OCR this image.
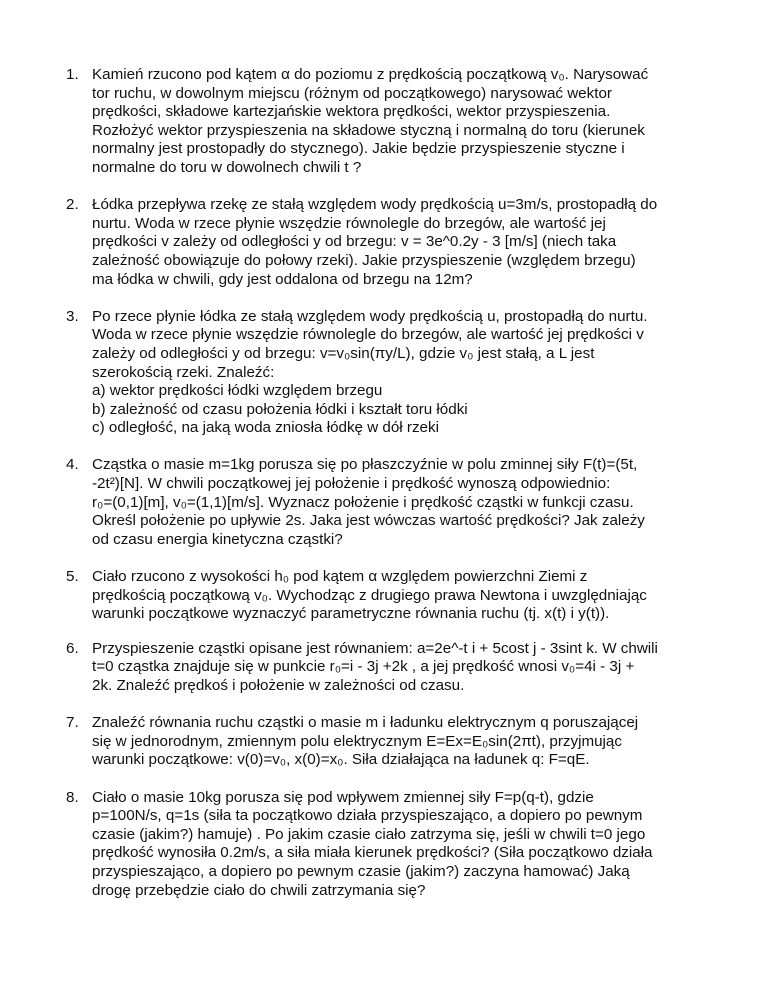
1. Kamień rzucono pod kątem α do poziomu z prędkością początkową v₀. Narysować
tor ruchu, w dowolnym miejscu (różnym od początkowego) narysować wektor
prędkości, składowe kartezjańskie wektora prędkości, wektor przyspieszenia.
Rozłożyć wektor przyspieszenia na składowe styczną i normalną do toru (kierunek
normalny jest prostopadły do stycznego). Jakie będzie przyspieszenie styczne i
normalne do toru w dowolnech chwili t ?
2. Łódka przepływa rzekę ze stałą względem wody prędkością u=3m/s, prostopadłą do
nurtu. Woda w rzece płynie wszędzie równolegle do brzegów, ale wartość jej
prędkości v zależy od odległości y od brzegu: v = 3e^0.2y - 3 [m/s] (niech taka
zależność obowiązuje do połowy rzeki). Jakie przyspieszenie (względem brzegu)
ma łódka w chwili, gdy jest oddalona od brzegu na 12m?
3. Po rzece płynie łódka ze stałą względem wody prędkością u, prostopadłą do nurtu.
Woda w rzece płynie wszędzie równolegle do brzegów, ale wartość jej prędkości v
zależy od odległości y od brzegu: v=v₀sin(πy/L), gdzie v₀ jest stałą, a L jest
szerokością rzeki. Znaleźć:
a) wektor prędkości łódki względem brzegu
b) zależność od czasu położenia łódki i kształt toru łódki
c) odległość, na jaką woda zniosła łódkę w dół rzeki
4. Cząstka o masie m=1kg porusza się po płaszczyźnie w polu zminnej siły F(t)=(5t,
-2t²)[N]. W chwili początkowej jej położenie i prędkość wynoszą odpowiednio:
r₀=(0,1)[m], v₀=(1,1)[m/s]. Wyznacz położenie i prędkość cząstki w funkcji czasu.
Określ położenie po upływie 2s. Jaka jest wówczas wartość prędkości? Jak zależy
od czasu energia kinetyczna cząstki?
5. Ciało rzucono z wysokości h₀ pod kątem α względem powierzchni Ziemi z
prędkością początkową v₀. Wychodząc z drugiego prawa Newtona i uwzględniając
warunki początkowe wyznaczyć parametryczne równania ruchu (tj. x(t) i y(t)).
6. Przyspieszenie cząstki opisane jest równaniem: a=2e^-t i + 5cost j - 3sint k. W chwili
t=0 cząstka znajduje się w punkcie r₀=i - 3j +2k , a jej prędkość wnosi v₀=4i - 3j +
2k. Znaleźć prędkoś i położenie w zależności od czasu.
7. Znaleźć równania ruchu cząstki o masie m i ładunku elektrycznym q poruszającej
się w jednorodnym, zmiennym polu elektrycznym E=Ex=E₀sin(2πt), przyjmując
warunki początkowe: v(0)=v₀, x(0)=x₀. Siła działająca na ładunek q: F=qE.
8. Ciało o masie 10kg porusza się pod wpływem zmiennej siły F=p(q-t), gdzie
p=100N/s, q=1s (siła ta początkowo działa przyspieszająco, a dopiero po pewnym
czasie (jakim?) hamuje) . Po jakim czasie ciało zatrzyma się, jeśli w chwili t=0 jego
prędkość wynosiła 0.2m/s, a siła miała kierunek prędkości? (Siła początkowo działa
przyspieszająco, a dopiero po pewnym czasie (jakim?) zaczyna hamować) Jaką
drogę przebędzie ciało do chwili zatrzymania się?
